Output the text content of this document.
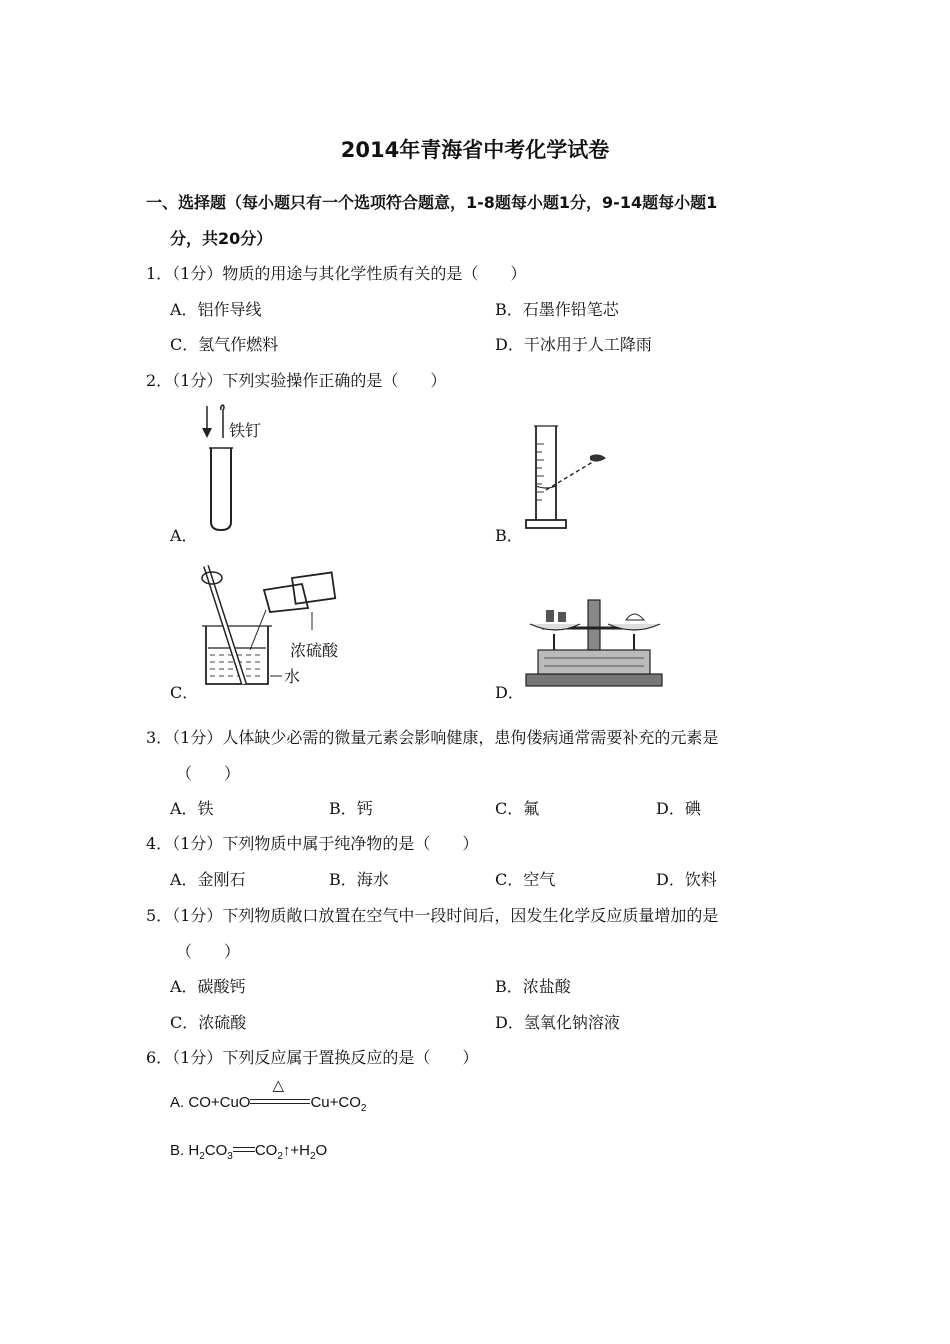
2014年青海省中考化学试卷
一、选择题（每小题只有一个选项符合题意，1-8题每小题1分，9-14题每小题1
分，共20分）
1．（1分）物质的用途与其化学性质有关的是（　　）
A．铝作导线	B．石墨作铅笔芯
C．氢气作燃料	D．干冰用于人工降雨
2．（1分）下列实验操作正确的是（　　）
铁钉
A．	B．
浓硫酸
水
C．	D．
3．（1分）人体缺少必需的微量元素会影响健康，患佝偻病通常需要补充的元素是
（　　）
A．铁	B．钙	C．氟	D．碘
4．（1分）下列物质中属于纯净物的是（　　）
A．金刚石	B．海水	C．空气	D．饮料
5．（1分）下列物质敞口放置在空气中一段时间后，因发生化学反应质量增加的是
（　　）
A．碳酸钙	B．浓盐酸
C．浓硫酸	D．氢氧化钠溶液
6．（1分）下列反应属于置换反应的是（　　）
A. CO+CuO
△
$Cu+CO_2$
B. $H_2CO_3$ $CO_2↑+H_2O$
